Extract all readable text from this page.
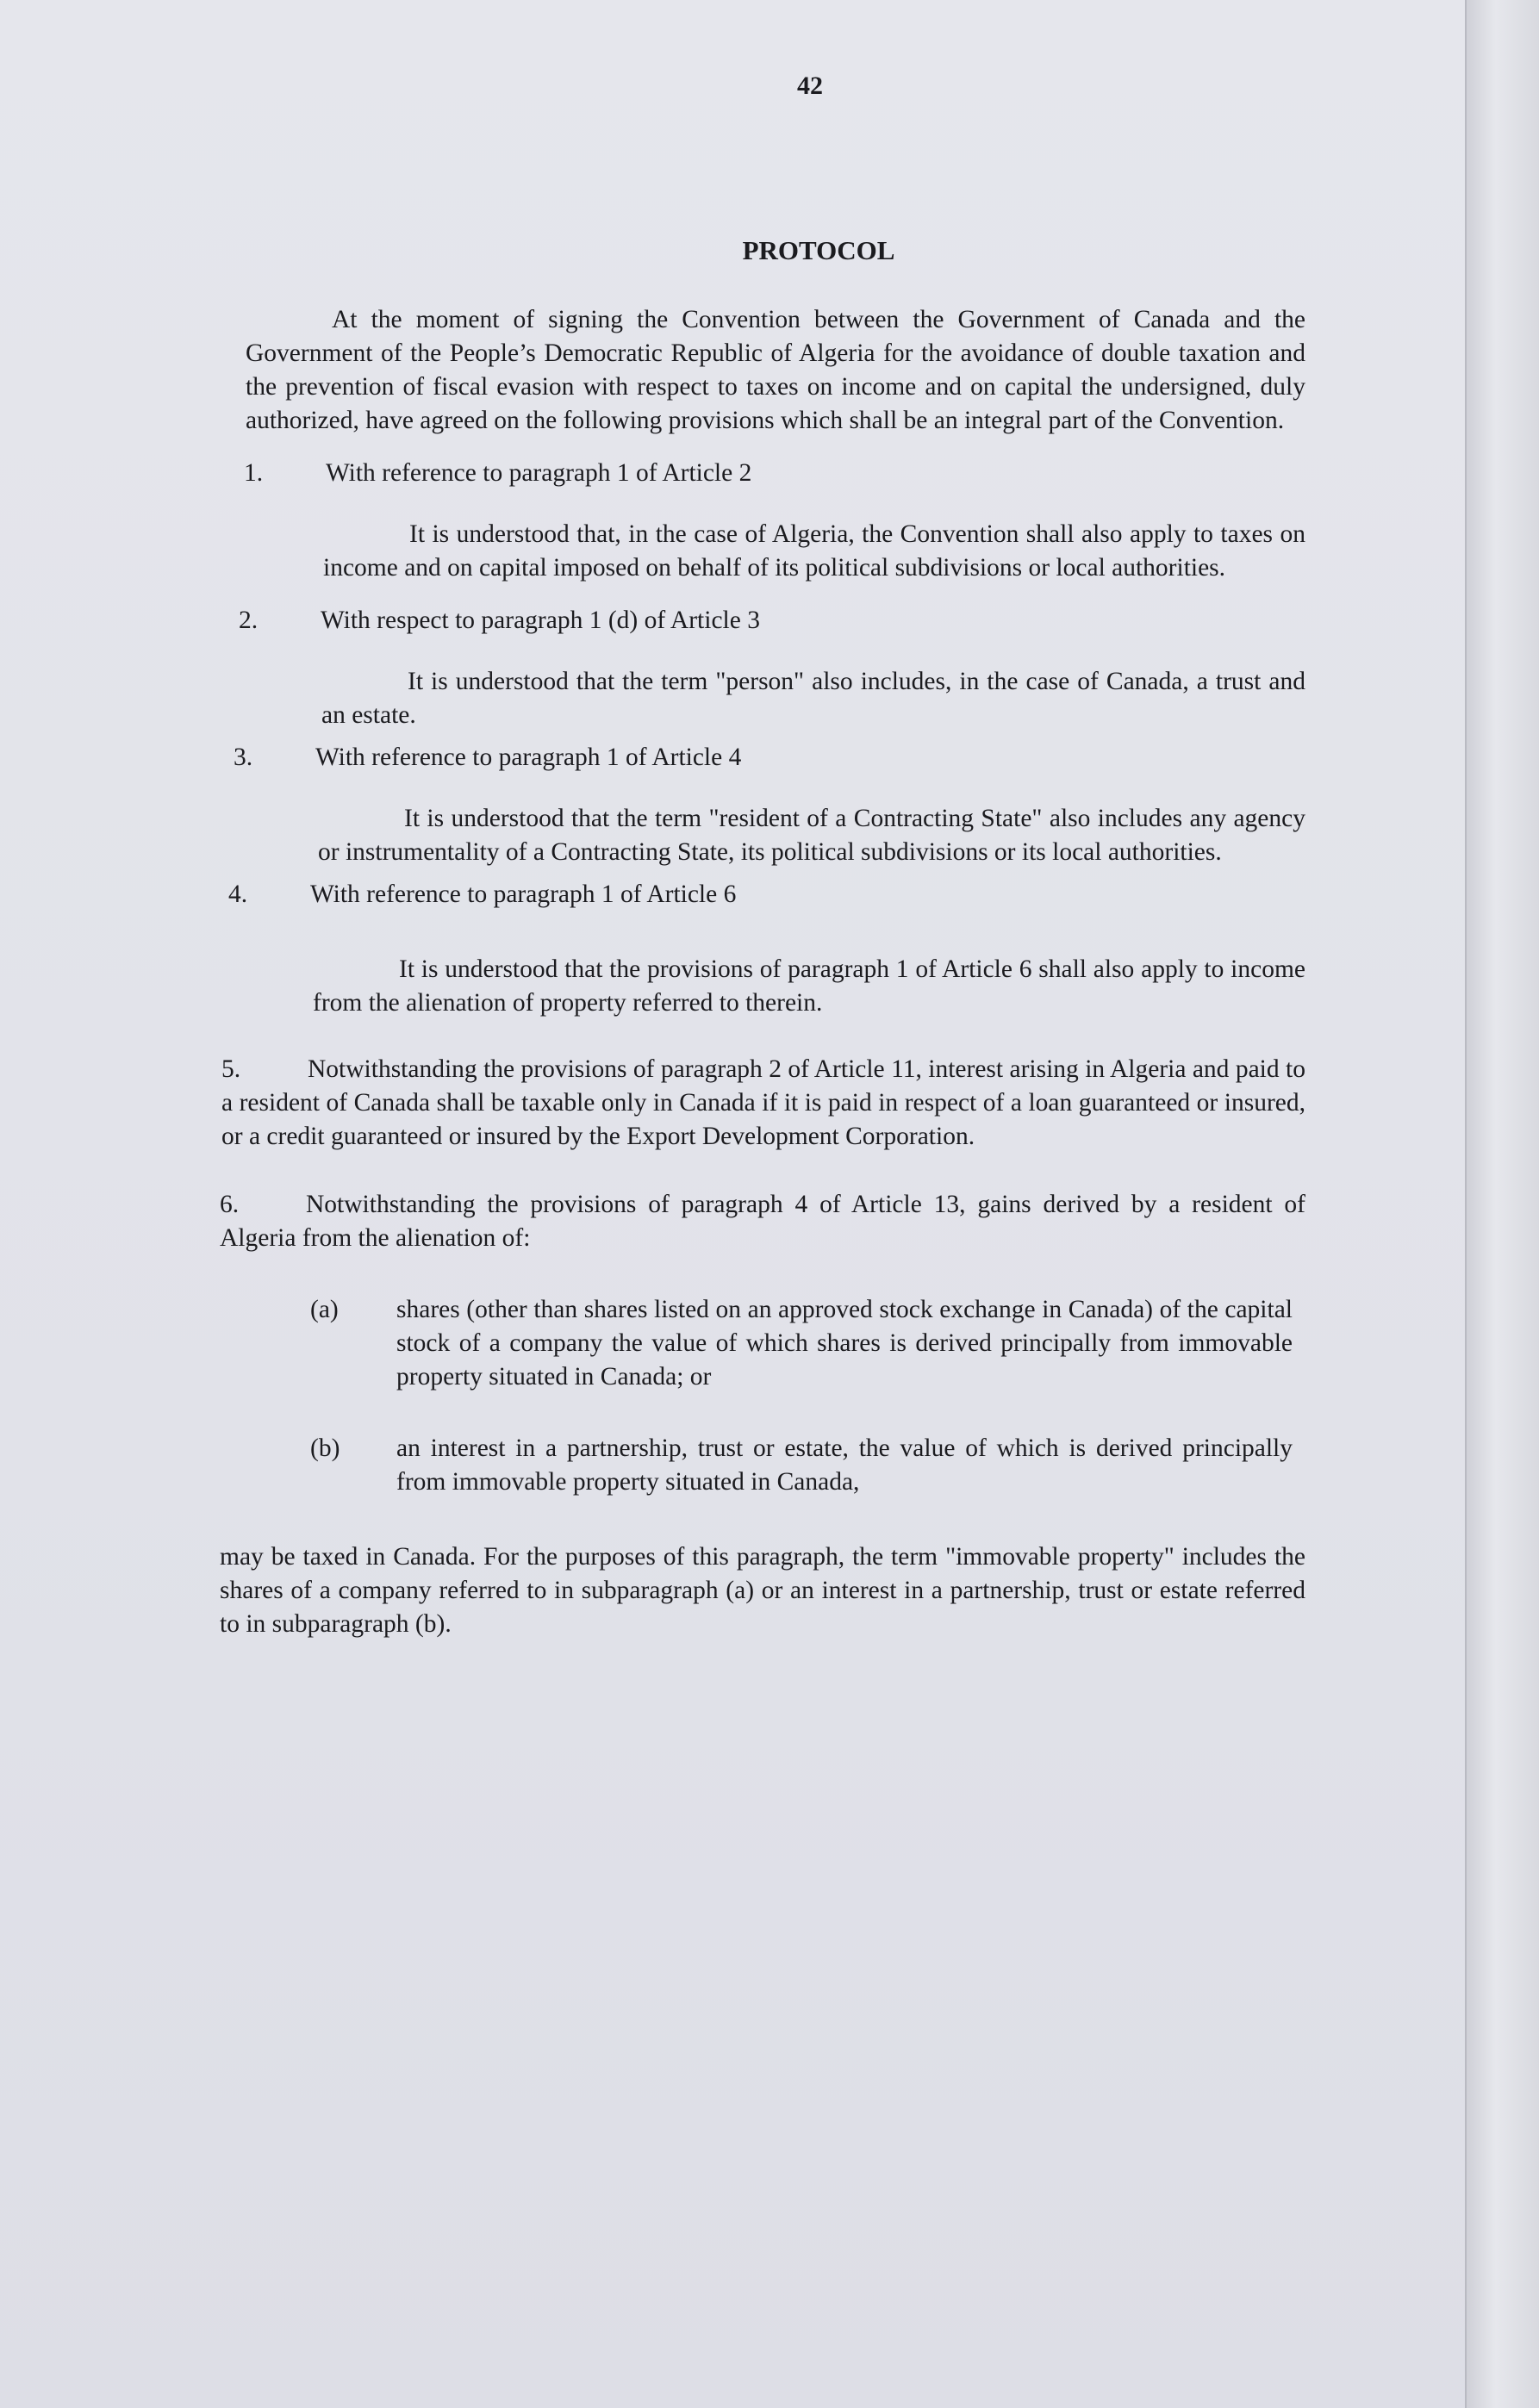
42
PROTOCOL

At the moment of signing the Convention between the Government of Canada and the Government of the People’s Democratic Republic of Algeria for the avoidance of double taxation and the prevention of fiscal evasion with respect to taxes on income and on capital the undersigned, duly authorized, have agreed on the following provisions which shall be an integral part of the Convention.

1.	With reference to paragraph 1 of Article 2

It is understood that, in the case of Algeria, the Convention shall also apply to taxes on income and on capital imposed on behalf of its political subdivisions or local authorities.

2.	With respect to paragraph 1 (d) of Article 3

It is understood that the term "person" also includes, in the case of Canada, a trust and an estate.

3.	With reference to paragraph 1 of Article 4

It is understood that the term "resident of a Contracting State" also includes any agency or instrumentality of a Contracting State, its political subdivisions or its local authorities.

4.	With reference to paragraph 1 of Article 6

It is understood that the provisions of paragraph 1 of Article 6 shall also apply to income from the alienation of property referred to therein.

5.	Notwithstanding the provisions of paragraph 2 of Article 11, interest arising in Algeria and paid to a resident of Canada shall be taxable only in Canada if it is paid in respect of a loan guaranteed or insured, or a credit guaranteed or insured by the Export Development Corporation.

6.	Notwithstanding the provisions of paragraph 4 of Article 13, gains derived by a resident of Algeria from the alienation of:

(a)	shares (other than shares listed on an approved stock exchange in Canada) of the capital stock of a company the value of which shares is derived principally from immovable property situated in Canada; or
(b)	an interest in a partnership, trust or estate, the value of which is derived principally from immovable property situated in Canada,

may be taxed in Canada. For the purposes of this paragraph, the term "immovable property" includes the shares of a company referred to in subparagraph (a) or an interest in a partnership, trust or estate referred to in subparagraph (b).
